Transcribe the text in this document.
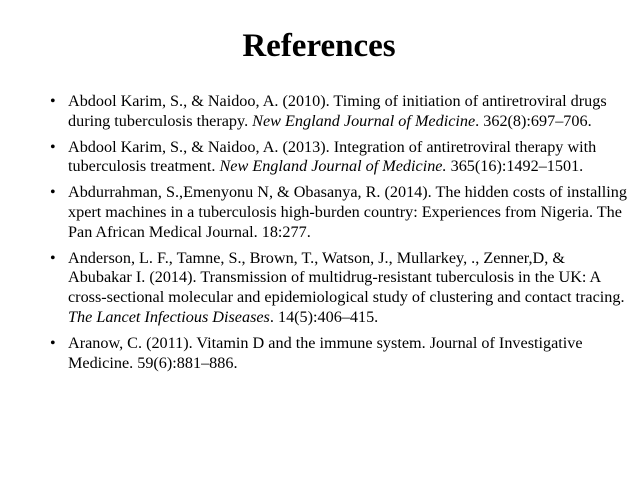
References
• Abdool Karim, S., & Naidoo, A. (2010). Timing of initiation of antiretroviral drugs during tuberculosis therapy. New England Journal of Medicine. 362(8):697–706.
• Abdool Karim, S., & Naidoo, A. (2013). Integration of antiretroviral therapy with tuberculosis treatment. New England Journal of Medicine. 365(16):1492–1501.
• Abdurrahman, S.,Emenyonu N, & Obasanya, R. (2014). The hidden costs of installing xpert machines in a tuberculosis high-burden country: Experiences from Nigeria. The Pan African Medical Journal. 18:277.
• Anderson, L. F., Tamne, S., Brown, T., Watson, J., Mullarkey, ., Zenner,D, & Abubakar I. (2014). Transmission of multidrug-resistant tuberculosis in the UK: A cross-sectional molecular and epidemiological study of clustering and contact tracing. The Lancet Infectious Diseases. 14(5):406–415.
• Aranow, C. (2011). Vitamin D and the immune system. Journal of Investigative Medicine. 59(6):881–886.
